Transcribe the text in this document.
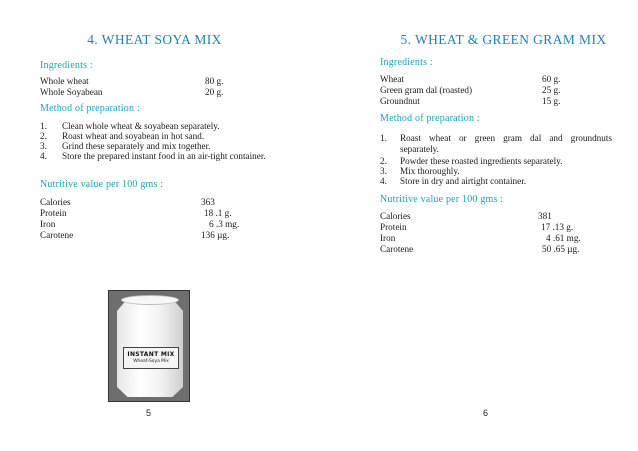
4. WHEAT SOYA MIX
Ingredients :
Whole wheat	80 g.
Whole Soyabean	20 g.
Method of preparation :
1. Clean whole wheat & soyabean separately.
2. Roast wheat and soyabean in hot sand.
3. Grind these separately and mix together.
4. Store the prepared instant food in an air-tight container.
Nutritive value per 100 gms :
Calories	363
Protein	18 .1 g.
Iron	6 .3 mg.
Carotene	136 µg.
INSTANT MIX
Wheat-Soya Mix
5
5. WHEAT & GREEN GRAM MIX
Ingredients :
Wheat	60 g.
Green gram dal (roasted)	25 g.
Groundnut	15 g.
Method of preparation :
1. Roast wheat or green gram dal and groundnuts separately.
2. Powder these roasted ingredients separately.
3. Mix thoroughly.
4. Store in dry and airtight container.
Nutritive value per 100 gms :
Calories	381
Protein	17 .13 g.
Iron	4 .61 mg.
Carotene	50 .65 µg.
6
